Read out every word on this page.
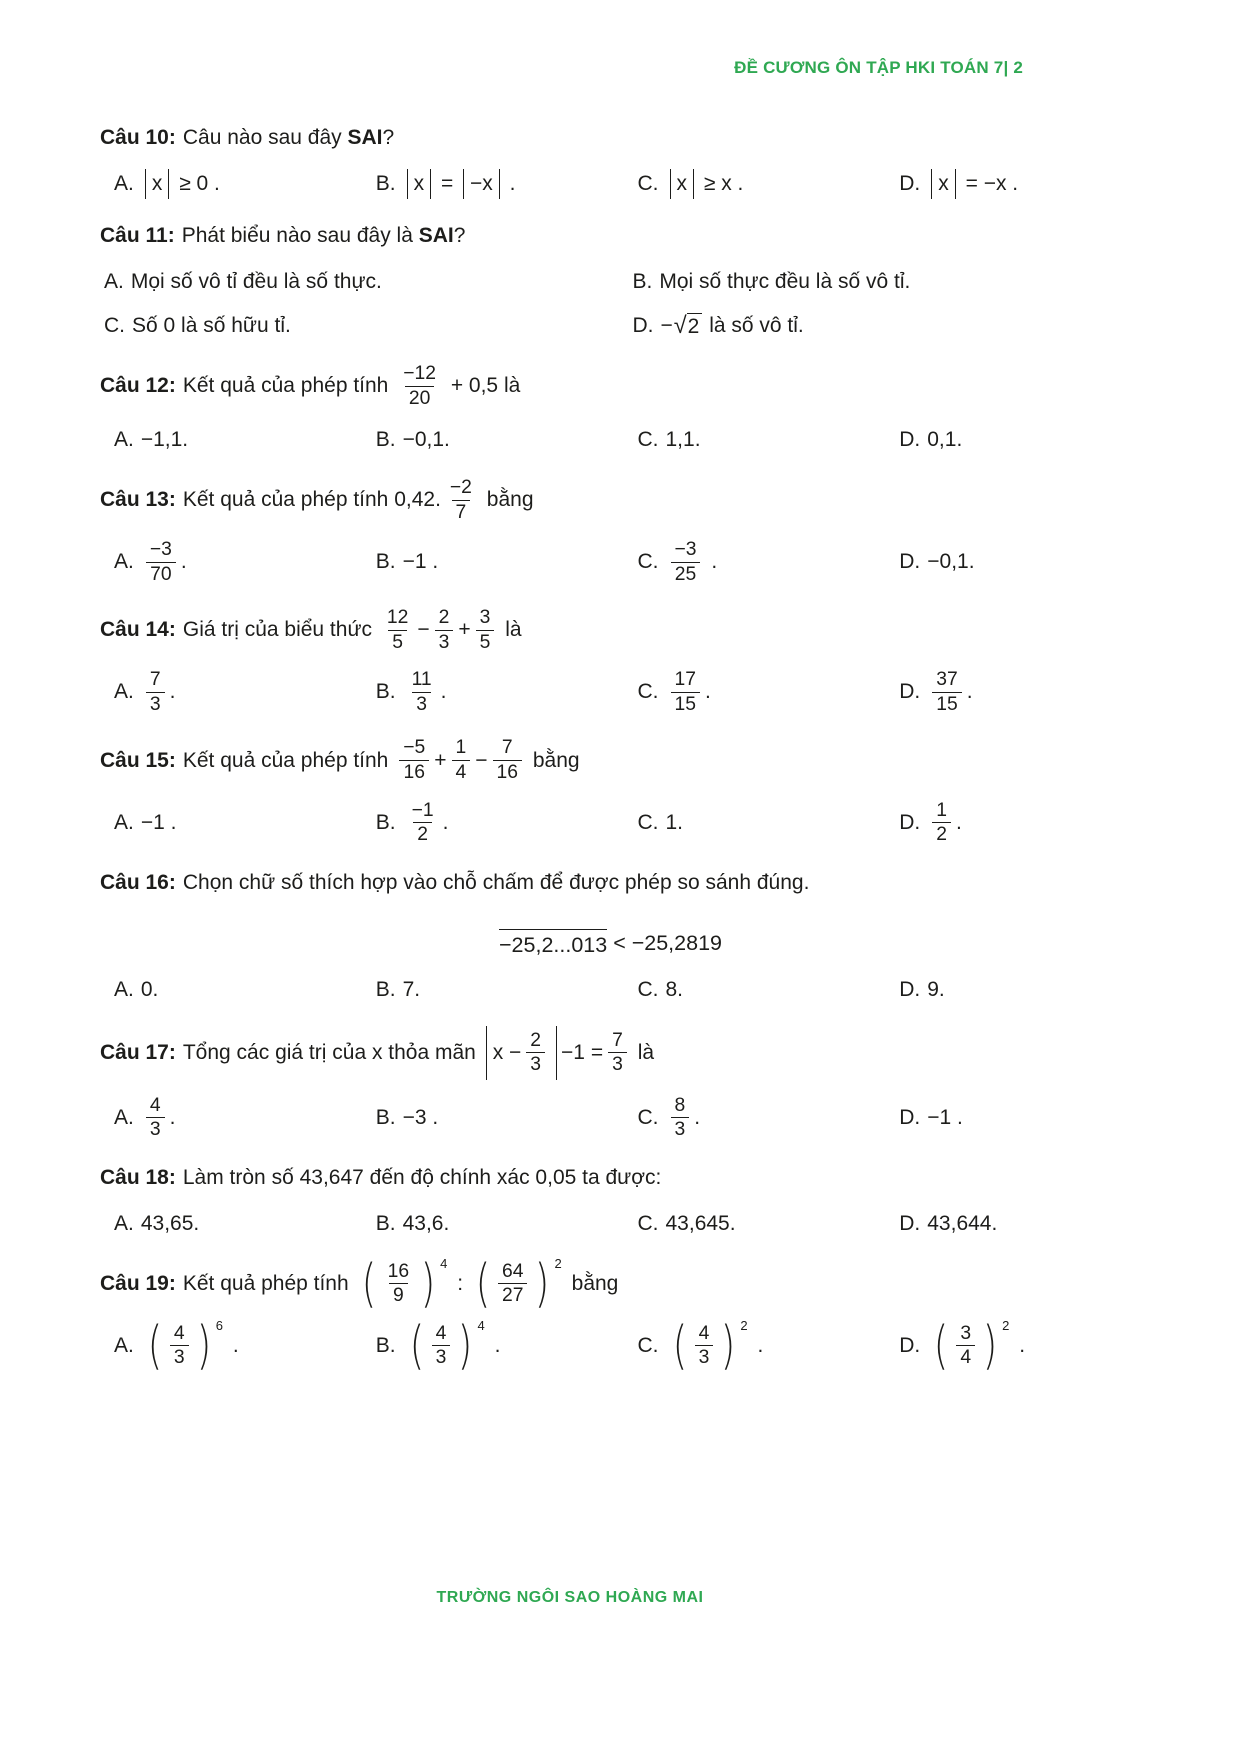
ĐỀ CƯƠNG ÔN TẬP HKI TOÁN 7| 2

Câu 10: Câu nào sau đây SAI ?

A. x ≥ 0 .	B. x = −x .	C. x ≥ x .	D. x = −x .

Câu 11: Phát biểu nào sau đây là SAI ?

A. Mọi số vô tỉ đều là số thực.	B. Mọi số thực đều là số vô tỉ.
C. Số 0 là số hữu tỉ.	D. − √ 2 là số vô tỉ.

Câu 12: Kết quả của phép tính $\frac{-12}{20} + 0,5$ là

A. −1,1.	B. −0,1.	C. 1,1.	D. 0,1.

Câu 13: Kết quả của phép tính 0,42. $\frac{-2}{7}$ bằng

A. $\frac{-3}{70}$ .	B. −1 .	C. $\frac{-3}{25}$ .	D. −0,1.

Câu 14: Giá trị của biểu thức $\frac{12}{5} - \frac{2}{3} + \frac{3}{5}$ là

A. $\frac{7}{3}$ .	B. $\frac{11}{3}$ .	C. $\frac{17}{15}$ .	D. $\frac{37}{15}$ .

Câu 15: Kết quả của phép tính $\frac{-5}{16} + \frac{1}{4} - \frac{7}{16}$ bằng

A. −1 .	B. $\frac{-1}{2}$ .	C. 1.	D. $\frac{1}{2}$ .

Câu 16: Chọn chữ số thích hợp vào chỗ chấm để được phép so sánh đúng.

−25,2...013 < −25,2819
A. 0.	B. 7.	C. 8.	D. 9.

Câu 17: Tổng các giá trị của x thỏa mãn $x - \frac{2}{3} -1 = \frac{7}{3}$ là

A. $\frac{4}{3}$ .	B. −3 .	C. $\frac{8}{3}$ .	D. −1 .

Câu 18: Làm tròn số 43,647 đến độ chính xác 0,05 ta được:

A. 43,65.	B. 43,6.	C. 43,645.	D. 43,644.

Câu 19: Kết quả phép tính ( $\frac{16}{9}$ ) $^4$
: ( $\frac{64}{27}$ ) $^2$
bằng

A. ( $\frac{4}{3}$ ) $^6$
.	B. ( $\frac{4}{3}$ ) $^4$
.	C. ( $\frac{4}{3}$ ) $^2$
.	D. ( $\frac{3}{4}$ ) $^2$
.
TRƯỜNG NGÔI SAO HOÀNG MAI
